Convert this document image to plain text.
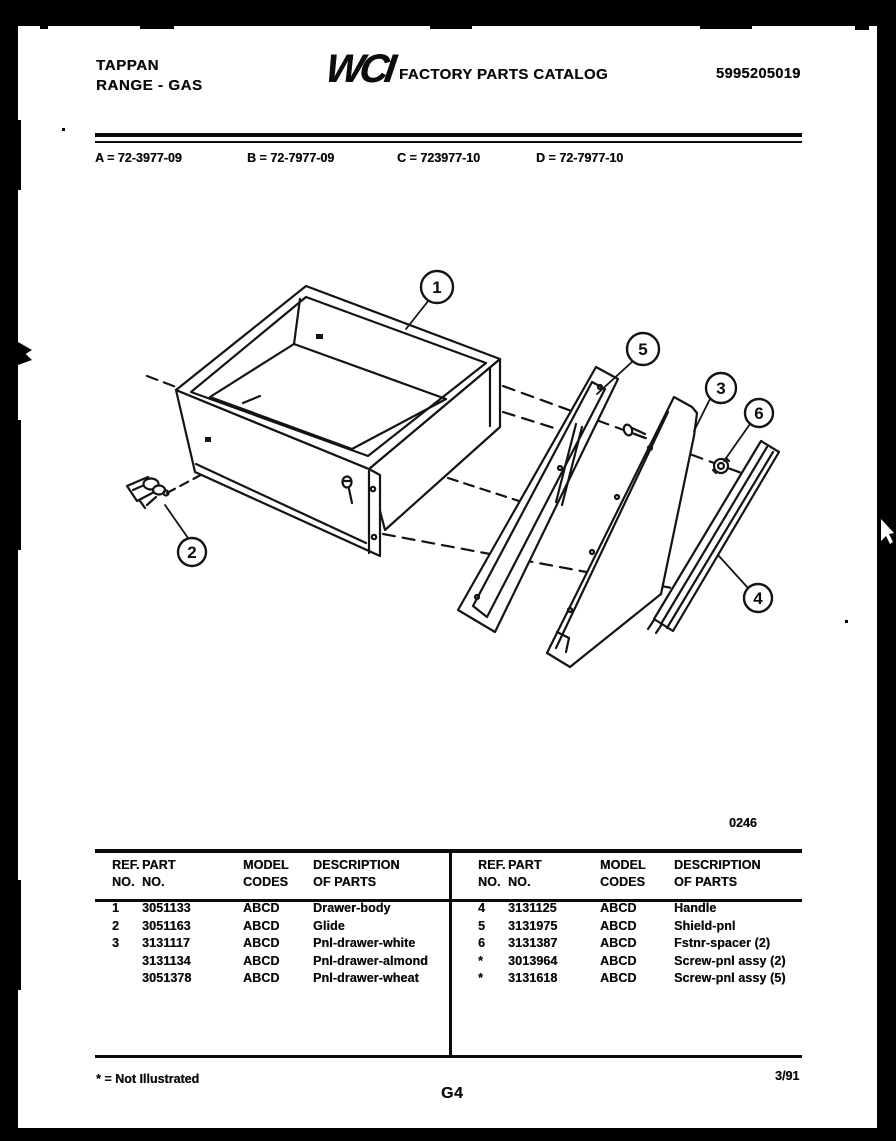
TAPPAN
RANGE - GAS	WCI FACTORY PARTS CATALOG	5995205019
A = 72-3977-09	B = 72-7977-09	C = 723977-10	D = 72-7977-10
1
2
3
4
5
6
0246
REF. PART	MODEL	DESCRIPTION
NO. NO.	CODES	OF PARTS
1	3051133	ABCD	Drawer-body
2	3051163	ABCD	Glide
3	3131117	ABCD	Pnl-drawer-white
3131134	ABCD	Pnl-drawer-almond
3051378	ABCD	Pnl-drawer-wheat
REF. PART	MODEL	DESCRIPTION
NO. NO.	CODES	OF PARTS
4	3131125	ABCD	Handle
5	3131975	ABCD	Shield-pnl
6	3131387	ABCD	Fstnr-spacer (2)
*	3013964	ABCD	Screw-pnl assy (2)
*	3131618	ABCD	Screw-pnl assy (5)
* = Not Illustrated
G4
3/91
